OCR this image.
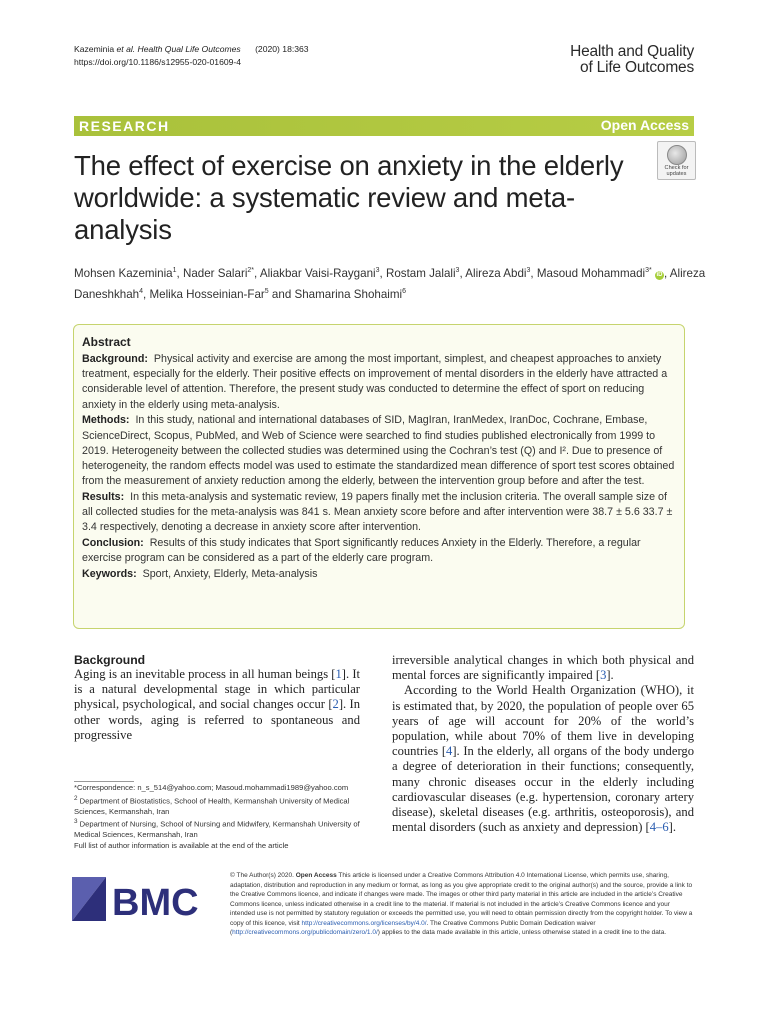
Kazeminia et al. Health Qual Life Outcomes (2020) 18:363
https://doi.org/10.1186/s12955-020-01609-4
Health and Quality
of Life Outcomes
RESEARCH	Open Access
The effect of exercise on anxiety in the elderly worldwide: a systematic review and meta-analysis
Check for
updates
Mohsen Kazeminia$^1$, Nader Salari$^{2*}$, Aliakbar Vaisi-Raygani$^3$, Rostam Jalali$^3$, Alireza Abdi$^3$, Masoud Mohammadi$^{3*}$ iD , Alireza Daneshkhah$^4$, Melika Hosseinian-Far$^5$ and Shamarina Shohaimi$^6$
Abstract

Background: Physical activity and exercise are among the most important, simplest, and cheapest approaches to anxiety treatment, especially for the elderly. Their positive effects on improvement of mental disorders in the elderly have attracted a considerable level of attention. Therefore, the present study was conducted to determine the effect of sport on reducing anxiety in the elderly using meta-analysis.

Methods: In this study, national and international databases of SID, MagIran, IranMedex, IranDoc, Cochrane, Embase, ScienceDirect, Scopus, PubMed, and Web of Science were searched to find studies published electronically from 1999 to 2019. Heterogeneity between the collected studies was determined using the Cochran’s test (Q) and I². Due to presence of heterogeneity, the random effects model was used to estimate the standardized mean difference of sport test scores obtained from the measurement of anxiety reduction among the elderly, between the intervention group before and after the test.

Results: In this meta-analysis and systematic review, 19 papers finally met the inclusion criteria. The overall sample size of all collected studies for the meta-analysis was 841 s. Mean anxiety score before and after intervention were 38.7 ± 5.6 33.7 ± 3.4 respectively, denoting a decrease in anxiety score after intervention.

Conclusion: Results of this study indicates that Sport significantly reduces Anxiety in the Elderly. Therefore, a regular exercise program can be considered as a part of the elderly care program.

Keywords: Sport, Anxiety, Elderly, Meta-analysis

Background

Aging is an inevitable process in all human beings [1]. It is a natural developmental stage in which particular physical, psychological, and social changes occur [2]. In other words, aging is referred to spontaneous and progressive

irreversible analytical changes in which both physical and mental forces are significantly impaired [3].

According to the World Health Organization (WHO), it is estimated that, by 2020, the population of people over 65 years of age will account for 20% of the world’s population, while about 70% of them live in developing countries [4]. In the elderly, all organs of the body undergo a degree of deterioration in their functions; consequently, many chronic diseases occur in the elderly including cardiovascular diseases (e.g. hypertension, coronary artery disease), skeletal diseases (e.g. arthritis, osteoporosis), and mental disorders (such as anxiety and depression) [4–6].

*Correspondence: n_s_514@yahoo.com; Masoud.mohammadi1989@yahoo.com

$^2$ Department of Biostatistics, School of Health, Kermanshah University of Medical Sciences, Kermanshah, Iran

$^3$ Department of Nursing, School of Nursing and Midwifery, Kermanshah University of Medical Sciences, Kermanshah, Iran

Full list of author information is available at the end of the article

BMC
© The Author(s) 2020. Open Access This article is licensed under a Creative Commons Attribution 4.0 International License, which permits use, sharing, adaptation, distribution and reproduction in any medium or format, as long as you give appropriate credit to the original author(s) and the source, provide a link to the Creative Commons licence, and indicate if changes were made. The images or other third party material in this article are included in the article’s Creative Commons licence, unless indicated otherwise in a credit line to the material. If material is not included in the article’s Creative Commons licence and your intended use is not permitted by statutory regulation or exceeds the permitted use, you will need to obtain permission directly from the copyright holder. To view a copy of this licence, visit http://creativecommons.org/licenses/by/4.0/. The Creative Commons Public Domain Dedication waiver (http://creativecommons.org/publicdomain/zero/1.0/) applies to the data made available in this article, unless otherwise stated in a credit line to the data.
